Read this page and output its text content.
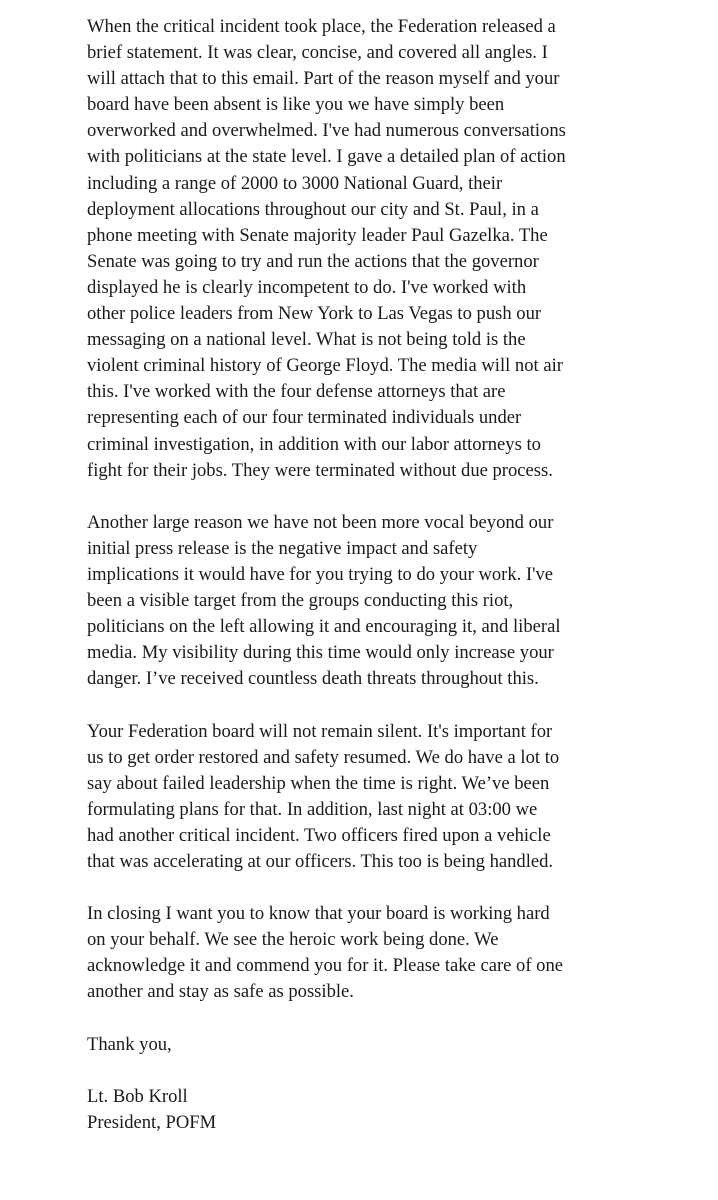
When the critical incident took place, the Federation released a
brief statement. It was clear, concise, and covered all angles. I
will attach that to this email. Part of the reason myself and your
board have been absent is like you we have simply been
overworked and overwhelmed. I've had numerous conversations
with politicians at the state level. I gave a detailed plan of action
including a range of 2000 to 3000 National Guard, their
deployment allocations throughout our city and St. Paul, in a
phone meeting with Senate majority leader Paul Gazelka. The
Senate was going to try and run the actions that the governor
displayed he is clearly incompetent to do. I've worked with
other police leaders from New York to Las Vegas to push our
messaging on a national level. What is not being told is the
violent criminal history of George Floyd. The media will not air
this. I've worked with the four defense attorneys that are
representing each of our four terminated individuals under
criminal investigation, in addition with our labor attorneys to
fight for their jobs. They were terminated without due process.

Another large reason we have not been more vocal beyond our
initial press release is the negative impact and safety
implications it would have for you trying to do your work. I've
been a visible target from the groups conducting this riot,
politicians on the left allowing it and encouraging it, and liberal
media. My visibility during this time would only increase your
danger. I’ve received countless death threats throughout this.

Your Federation board will not remain silent. It's important for
us to get order restored and safety resumed. We do have a lot to
say about failed leadership when the time is right. We’ve been
formulating plans for that. In addition, last night at 03:00 we
had another critical incident. Two officers fired upon a vehicle
that was accelerating at our officers. This too is being handled.

In closing I want you to know that your board is working hard
on your behalf. We see the heroic work being done. We
acknowledge it and commend you for it. Please take care of one
another and stay as safe as possible.

Thank you,

Lt. Bob Kroll
President, POFM
